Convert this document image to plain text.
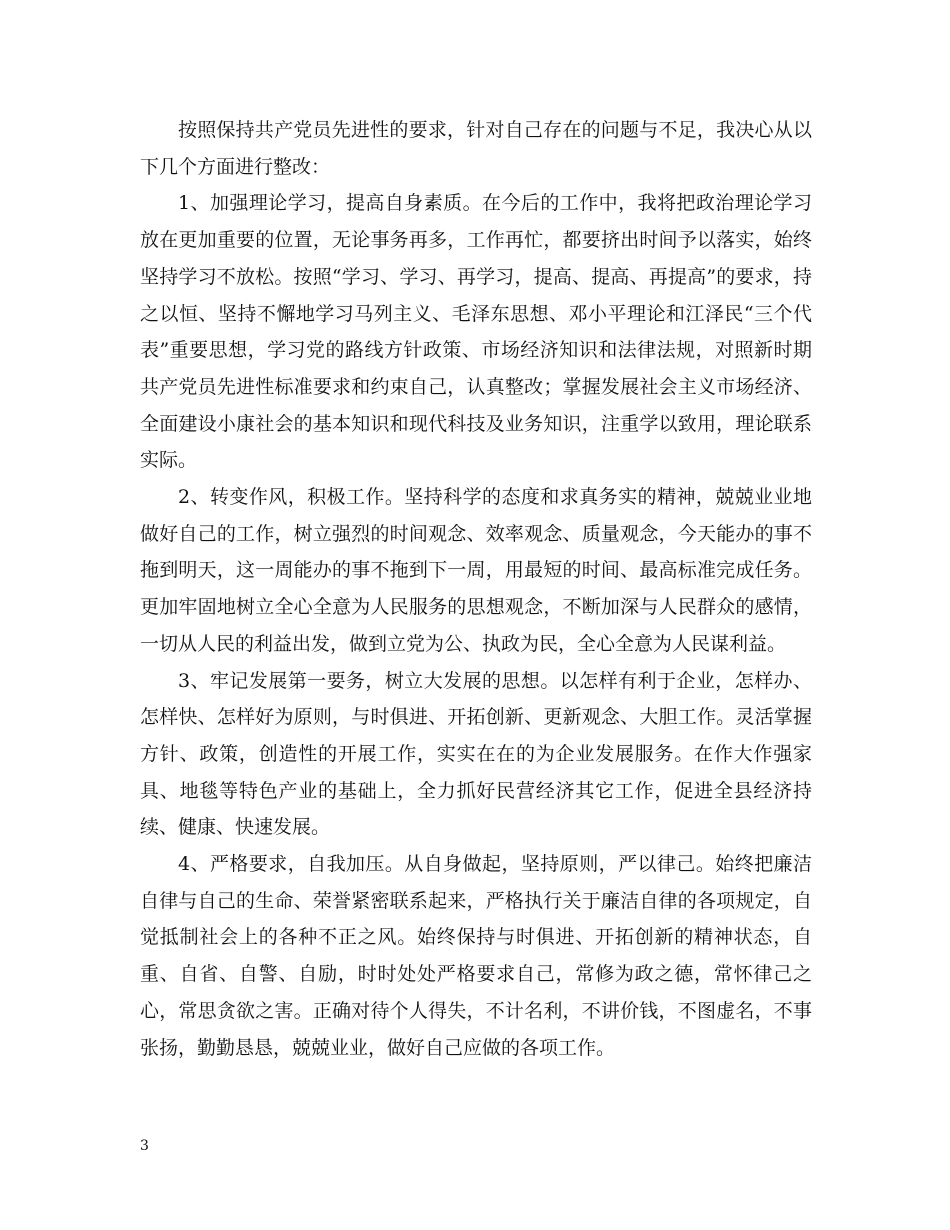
按照保持共产党员先进性的要求，针对自己存在的问题与不足，我决心从以下几个方面进行整改：

1、加强理论学习，提高自身素质。在今后的工作中，我将把政治理论学习放在更加重要的位置，无论事务再多，工作再忙，都要挤出时间予以落实，始终坚持学习不放松。按照“学习、学习、再学习，提高、提高、再提高”的要求，持之以恒、坚持不懈地学习马列主义、毛泽东思想、邓小平理论和江泽民“三个代表”重要思想，学习党的路线方针政策、市场经济知识和法律法规，对照新时期共产党员先进性标准要求和约束自己，认真整改；掌握发展社会主义市场经济、全面建设小康社会的基本知识和现代科技及业务知识，注重学以致用，理论联系实际。

2、转变作风，积极工作。坚持科学的态度和求真务实的精神，兢兢业业地做好自己的工作，树立强烈的时间观念、效率观念、质量观念，今天能办的事不拖到明天，这一周能办的事不拖到下一周，用最短的时间、最高标准完成任务。更加牢固地树立全心全意为人民服务的思想观念，不断加深与人民群众的感情，一切从人民的利益出发，做到立党为公、执政为民，全心全意为人民谋利益。

3、牢记发展第一要务，树立大发展的思想。以怎样有利于企业，怎样办、怎样快、怎样好为原则，与时俱进、开拓创新、更新观念、大胆工作。灵活掌握方针、政策，创造性的开展工作，实实在在的为企业发展服务。在作大作强家具、地毯等特色产业的基础上，全力抓好民营经济其它工作，促进全县经济持续、健康、快速发展。

4、严格要求，自我加压。从自身做起，坚持原则，严以律己。始终把廉洁自律与自己的生命、荣誉紧密联系起来，严格执行关于廉洁自律的各项规定，自觉抵制社会上的各种不正之风。始终保持与时俱进、开拓创新的精神状态，自重、自省、自警、自励，时时处处严格要求自己，常修为政之德，常怀律己之心，常思贪欲之害。正确对待个人得失，不计名利，不讲价钱，不图虚名，不事张扬，勤勤恳恳，兢兢业业，做好自己应做的各项工作。

3
